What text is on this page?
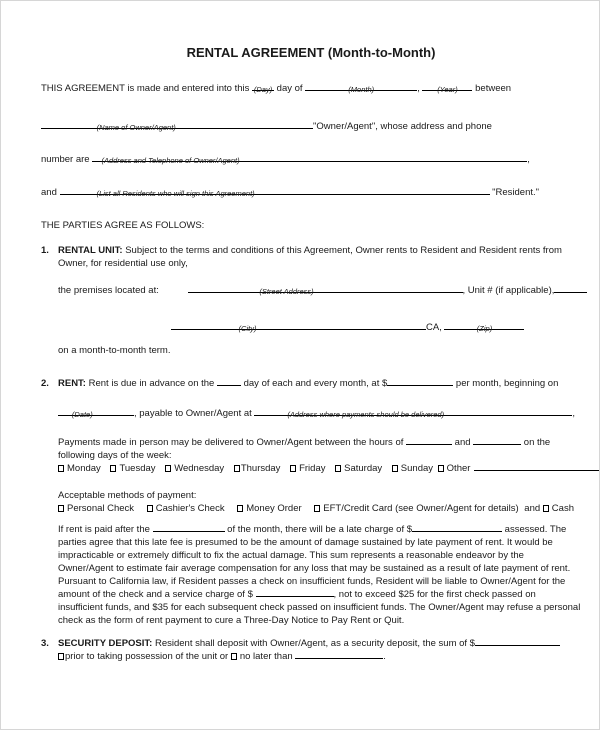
RENTAL AGREEMENT (Month-to-Month)

THIS AGREEMENT is made and entered into this (Day) day of	(Month)	, (Year) between

(Name of Owner/Agent)	"Owner/Agent", whose address and phone

number are (Address and Telephone of Owner/Agent)	,

and	(List all Residents who will sign this Agreement)	"Resident."

THE PARTIES AGREE AS FOLLOWS:

1. RENTAL UNIT: Subject to the terms and conditions of this Agreement, Owner rents to Resident and Resident rents from Owner, for residential use only,

the premises located at:	(Street Address)	, Unit # (if applicable),

(City)	CA,	(Zip)

on a month-to-month term.

2. RENT: Rent is due in advance on the	day of each and every month, at $	per month, beginning on

(Date)	, payable to Owner/Agent at	(Address where payments should be delivered)	,

Payments made in person may be delivered to Owner/Agent between the hours of	and	on the

following days of the week:

Monday Tuesday Wednesday Thursday Friday Saturday Sunday Other

Acceptable methods of payment:

Personal Check Cashier's Check Money Order EFT/Credit Card (see Owner/Agent for details) and Cash

If rent is paid after the	of the month, there will be a late charge of $	assessed. The parties agree that this late fee is presumed to be the amount of damage sustained by late payment of rent. It would be impracticable or extremely difficult to fix the actual damage. This sum represents a reasonable endeavor by the Owner/Agent to estimate fair average compensation for any loss that may be sustained as a result of late payment of rent. Pursuant to California law, if Resident passes a check on insufficient funds, Resident will be liable to Owner/Agent for the amount of the check and a service charge of $	, not to exceed $25 for the first check passed on insufficient funds, and $35 for each subsequent check passed on insufficient funds. The Owner/Agent may refuse a personal check as the form of rent payment to cure a Three-Day Notice to Pay Rent or Quit.

3. SECURITY DEPOSIT: Resident shall deposit with Owner/Agent, as a security deposit, the sum of $

prior to taking possession of the unit or no later than	.
